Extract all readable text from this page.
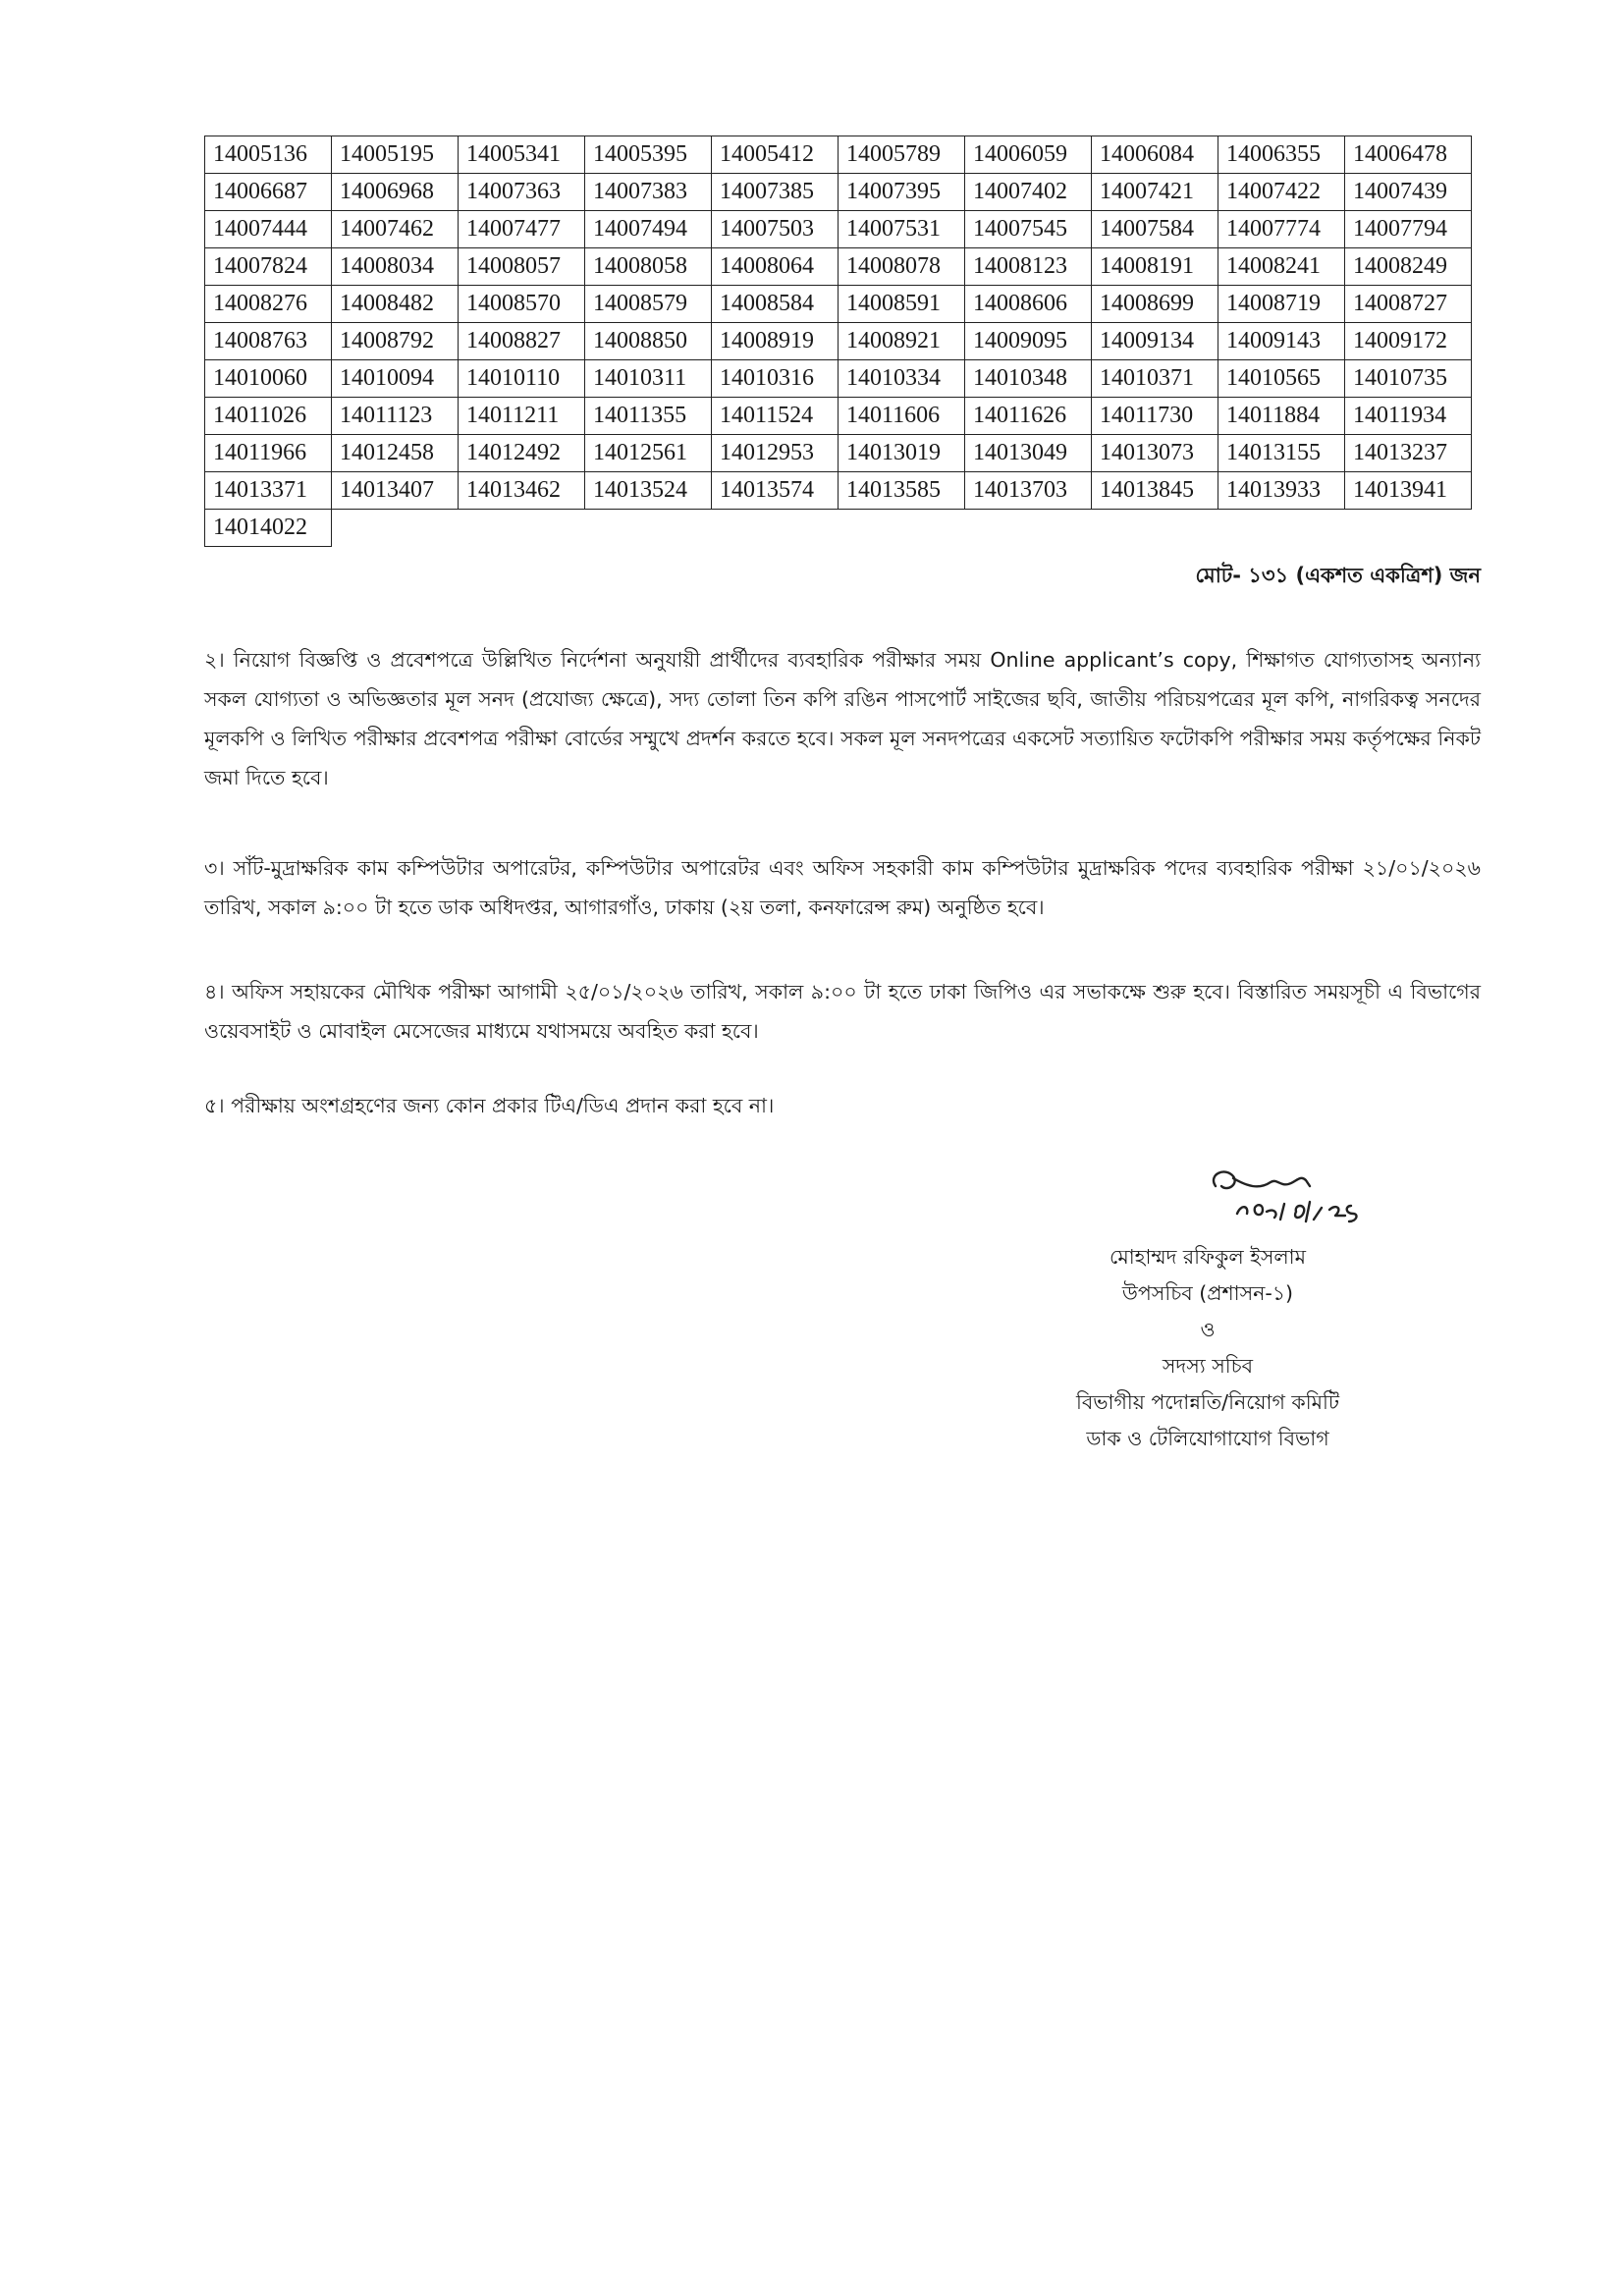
14005136	14005195	14005341	14005395	14005412	14005789	14006059	14006084	14006355	14006478
14006687	14006968	14007363	14007383	14007385	14007395	14007402	14007421	14007422	14007439
14007444	14007462	14007477	14007494	14007503	14007531	14007545	14007584	14007774	14007794
14007824	14008034	14008057	14008058	14008064	14008078	14008123	14008191	14008241	14008249
14008276	14008482	14008570	14008579	14008584	14008591	14008606	14008699	14008719	14008727
14008763	14008792	14008827	14008850	14008919	14008921	14009095	14009134	14009143	14009172
14010060	14010094	14010110	14010311	14010316	14010334	14010348	14010371	14010565	14010735
14011026	14011123	14011211	14011355	14011524	14011606	14011626	14011730	14011884	14011934
14011966	14012458	14012492	14012561	14012953	14013019	14013049	14013073	14013155	14013237
14013371	14013407	14013462	14013524	14013574	14013585	14013703	14013845	14013933	14013941
14014022									
মোট- ১৩১ (একশত একত্রিশ) জন
২। নিয়োগ বিজ্ঞপ্তি ও প্রবেশপত্রে উল্লিখিত নির্দেশনা অনুযায়ী প্রার্থীদের ব্যবহারিক পরীক্ষার সময় Online applicant’s copy, শিক্ষাগত যোগ্যতাসহ অন্যান্য সকল যোগ্যতা ও অভিজ্ঞতার মূল সনদ (প্রযোজ্য ক্ষেত্রে), সদ্য তোলা তিন কপি রঙিন পাসপোর্ট সাইজের ছবি, জাতীয় পরিচয়পত্রের মূল কপি, নাগরিকত্ব সনদের মূলকপি ও লিখিত পরীক্ষার প্রবেশপত্র পরীক্ষা বোর্ডের সম্মুখে প্রদর্শন করতে হবে। সকল মূল সনদপত্রের একসেট সত্যায়িত ফটোকপি পরীক্ষার সময় কর্তৃপক্ষের নিকট জমা দিতে হবে।
৩। সাঁট-মুদ্রাক্ষরিক কাম কম্পিউটার অপারেটর, কম্পিউটার অপারেটর এবং অফিস সহকারী কাম কম্পিউটার মুদ্রাক্ষরিক পদের ব্যবহারিক পরীক্ষা ২১/০১/২০২৬ তারিখ, সকাল ৯:০০ টা হতে ডাক অধিদপ্তর, আগারগাঁও, ঢাকায় (২য় তলা, কনফারেন্স রুম) অনুষ্ঠিত হবে।
৪। অফিস সহায়কের মৌখিক পরীক্ষা আগামী ২৫/০১/২০২৬ তারিখ, সকাল ৯:০০ টা হতে ঢাকা জিপিও এর সভাকক্ষে শুরু হবে। বিস্তারিত সময়সূচী এ বিভাগের ওয়েবসাইট ও মোবাইল মেসেজের মাধ্যমে যথাসময়ে অবহিত করা হবে।
৫। পরীক্ষায় অংশগ্রহণের জন্য কোন প্রকার টিএ/ডিএ প্রদান করা হবে না।
মোহাম্মদ রফিকুল ইসলাম
উপসচিব (প্রশাসন-১)
ও
সদস্য সচিব
বিভাগীয় পদোন্নতি/নিয়োগ কমিটি
ডাক ও টেলিযোগাযোগ বিভাগ
